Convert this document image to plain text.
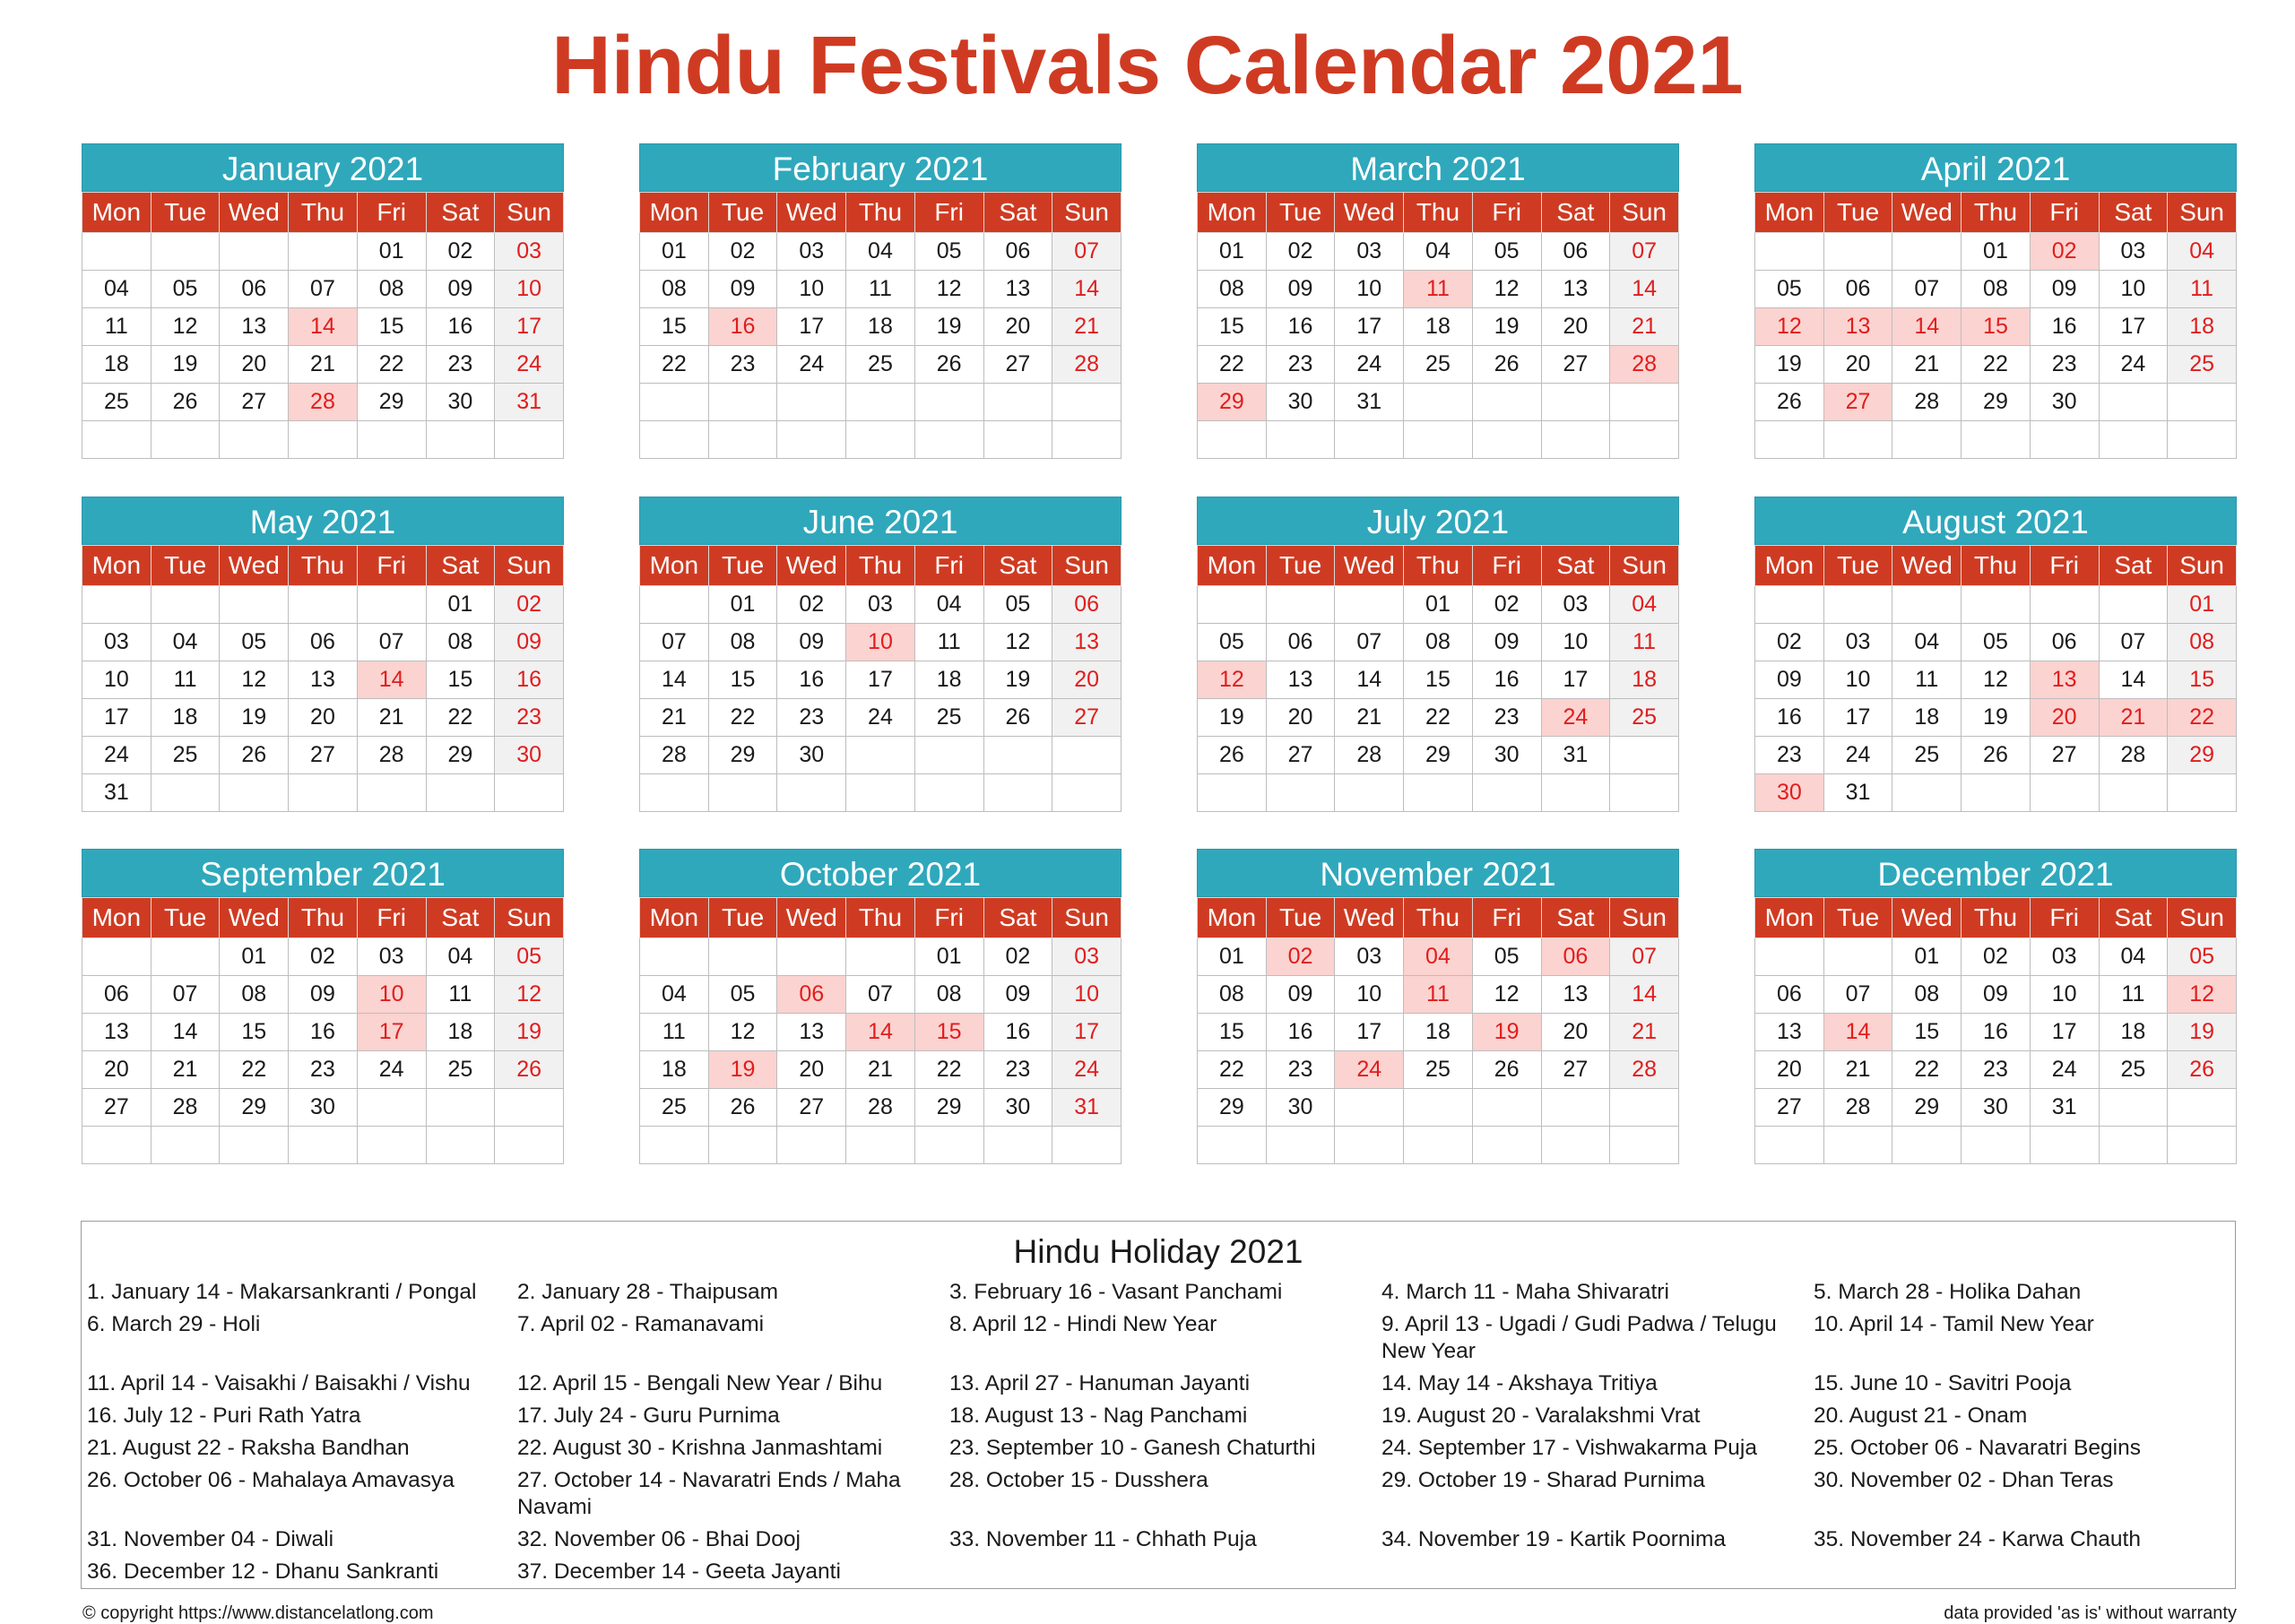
Hindu Festivals Calendar 2021
January 2021
Mon	Tue	Wed	Thu	Fri	Sat	Sun
				01	02	03
04	05	06	07	08	09	10
11	12	13	14	15	16	17
18	19	20	21	22	23	24
25	26	27	28	29	30	31

February 2021
Mon	Tue	Wed	Thu	Fri	Sat	Sun
01	02	03	04	05	06	07
08	09	10	11	12	13	14
15	16	17	18	19	20	21
22	23	24	25	26	27	28

March 2021
Mon	Tue	Wed	Thu	Fri	Sat	Sun
01	02	03	04	05	06	07
08	09	10	11	12	13	14
15	16	17	18	19	20	21
22	23	24	25	26	27	28
29	30	31				

April 2021
Mon	Tue	Wed	Thu	Fri	Sat	Sun
			01	02	03	04
05	06	07	08	09	10	11
12	13	14	15	16	17	18
19	20	21	22	23	24	25
26	27	28	29	30		

May 2021
Mon	Tue	Wed	Thu	Fri	Sat	Sun
					01	02
03	04	05	06	07	08	09
10	11	12	13	14	15	16
17	18	19	20	21	22	23
24	25	26	27	28	29	30
31						
June 2021
Mon	Tue	Wed	Thu	Fri	Sat	Sun
	01	02	03	04	05	06
07	08	09	10	11	12	13
14	15	16	17	18	19	20
21	22	23	24	25	26	27
28	29	30				

July 2021
Mon	Tue	Wed	Thu	Fri	Sat	Sun
			01	02	03	04
05	06	07	08	09	10	11
12	13	14	15	16	17	18
19	20	21	22	23	24	25
26	27	28	29	30	31	

August 2021
Mon	Tue	Wed	Thu	Fri	Sat	Sun
						01
02	03	04	05	06	07	08
09	10	11	12	13	14	15
16	17	18	19	20	21	22
23	24	25	26	27	28	29
30	31					
September 2021
Mon	Tue	Wed	Thu	Fri	Sat	Sun
		01	02	03	04	05
06	07	08	09	10	11	12
13	14	15	16	17	18	19
20	21	22	23	24	25	26
27	28	29	30			

October 2021
Mon	Tue	Wed	Thu	Fri	Sat	Sun
				01	02	03
04	05	06	07	08	09	10
11	12	13	14	15	16	17
18	19	20	21	22	23	24
25	26	27	28	29	30	31

November 2021
Mon	Tue	Wed	Thu	Fri	Sat	Sun
01	02	03	04	05	06	07
08	09	10	11	12	13	14
15	16	17	18	19	20	21
22	23	24	25	26	27	28
29	30					

December 2021
Mon	Tue	Wed	Thu	Fri	Sat	Sun
		01	02	03	04	05
06	07	08	09	10	11	12
13	14	15	16	17	18	19
20	21	22	23	24	25	26
27	28	29	30	31		

Hindu Holiday 2021
1. January 14 - Makarsankranti / Pongal	2. January 28 - Thaipusam	3. February 16 - Vasant Panchami	4. March 11 - Maha Shivaratri	5. March 28 - Holika Dahan
6. March 29 - Holi	7. April 02 - Ramanavami	8. April 12 - Hindi New Year	9. April 13 - Ugadi / Gudi Padwa / Telugu New Year
10. April 14 - Tamil New Year
11. April 14 - Vaisakhi / Baisakhi / Vishu	12. April 15 - Bengali New Year / Bihu	13. April 27 - Hanuman Jayanti	14. May 14 - Akshaya Tritiya	15. June 10 - Savitri Pooja
16. July 12 - Puri Rath Yatra	17. July 24 - Guru Purnima	18. August 13 - Nag Panchami	19. August 20 - Varalakshmi Vrat	20. August 21 - Onam
21. August 22 - Raksha Bandhan	22. August 30 - Krishna Janmashtami	23. September 10 - Ganesh Chaturthi	24. September 17 - Vishwakarma Puja	25. October 06 - Navaratri Begins
26. October 06 - Mahalaya Amavasya	27. October 14 - Navaratri Ends / Maha Navami
28. October 15 - Dusshera	29. October 19 - Sharad Purnima	30. November 02 - Dhan Teras
31. November 04 - Diwali	32. November 06 - Bhai Dooj	33. November 11 - Chhath Puja	34. November 19 - Kartik Poornima	35. November 24 - Karwa Chauth
36. December 12 - Dhanu Sankranti	37. December 14 - Geeta Jayanti
© copyright https://www.distancelatlong.com	data provided 'as is' without warranty
